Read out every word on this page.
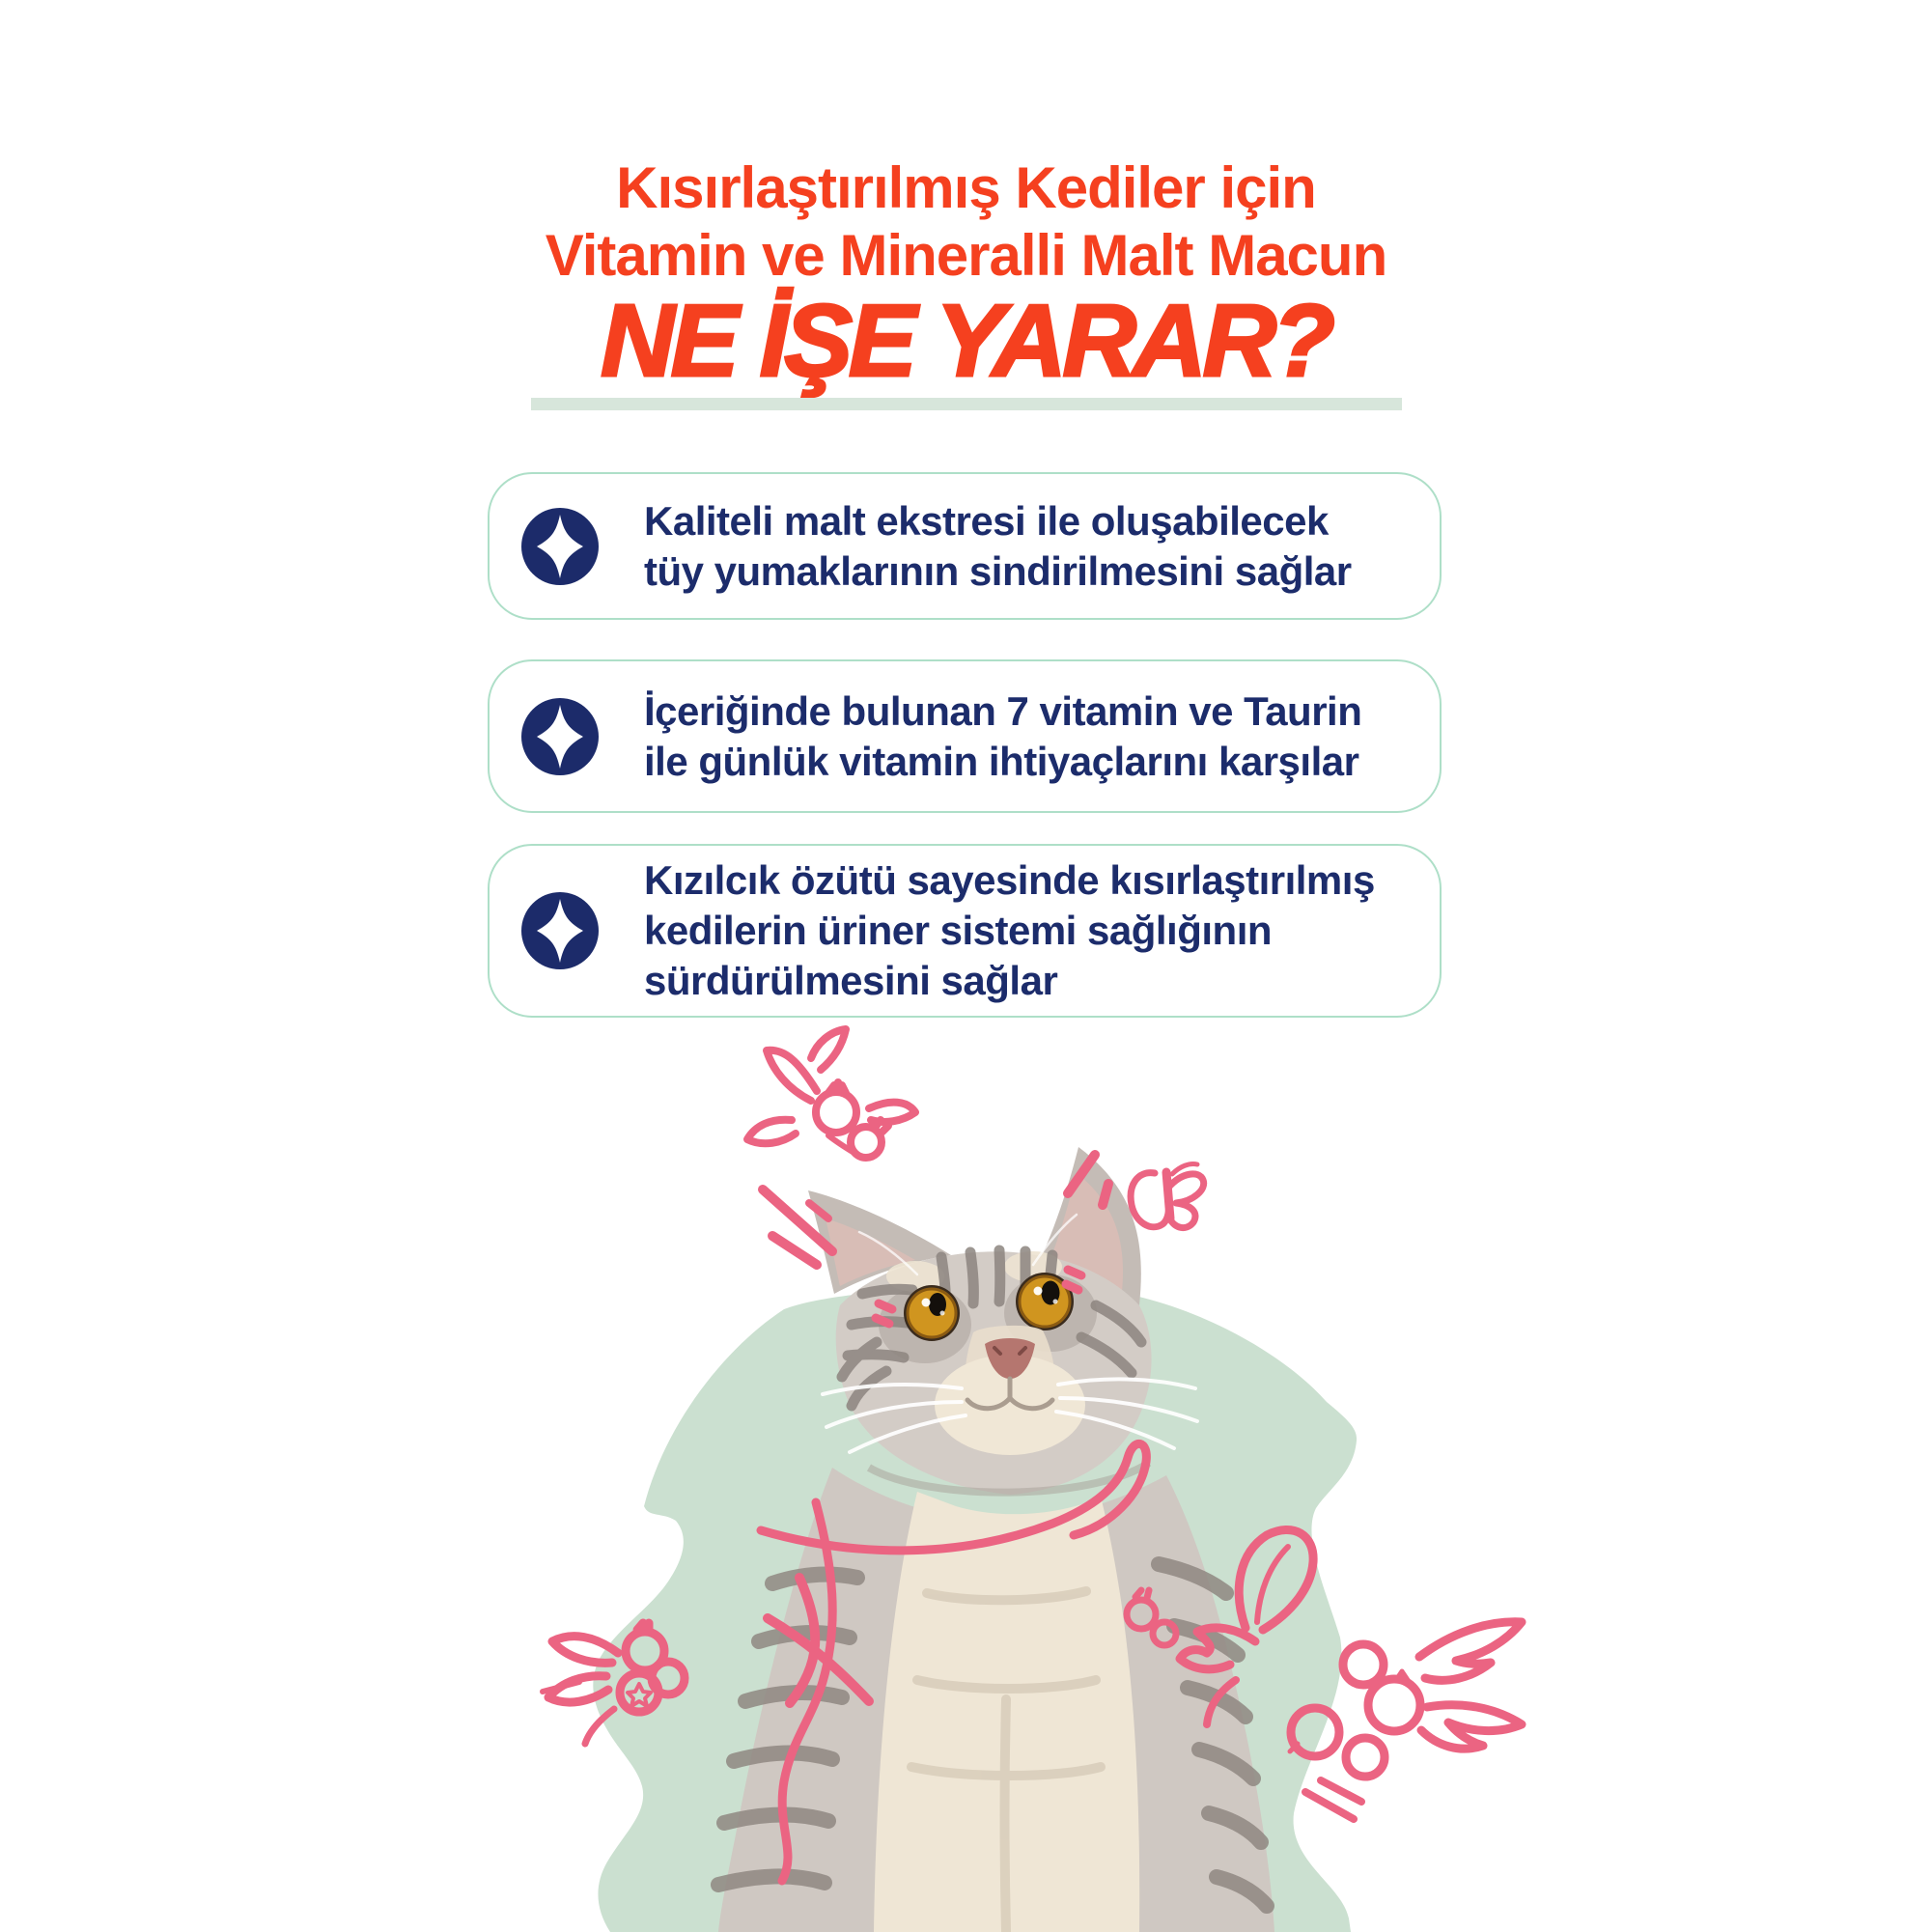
Kısırlaştırılmış Kediler için
Vitamin ve Mineralli Malt Macun
NE İŞE YARAR?
Kaliteli malt ekstresi ile oluşabilecek
tüy yumaklarının sindirilmesini sağlar
İçeriğinde bulunan 7 vitamin ve Taurin
ile günlük vitamin ihtiyaçlarını karşılar
Kızılcık özütü sayesinde kısırlaştırılmış
kedilerin üriner sistemi sağlığının
sürdürülmesini sağlar
